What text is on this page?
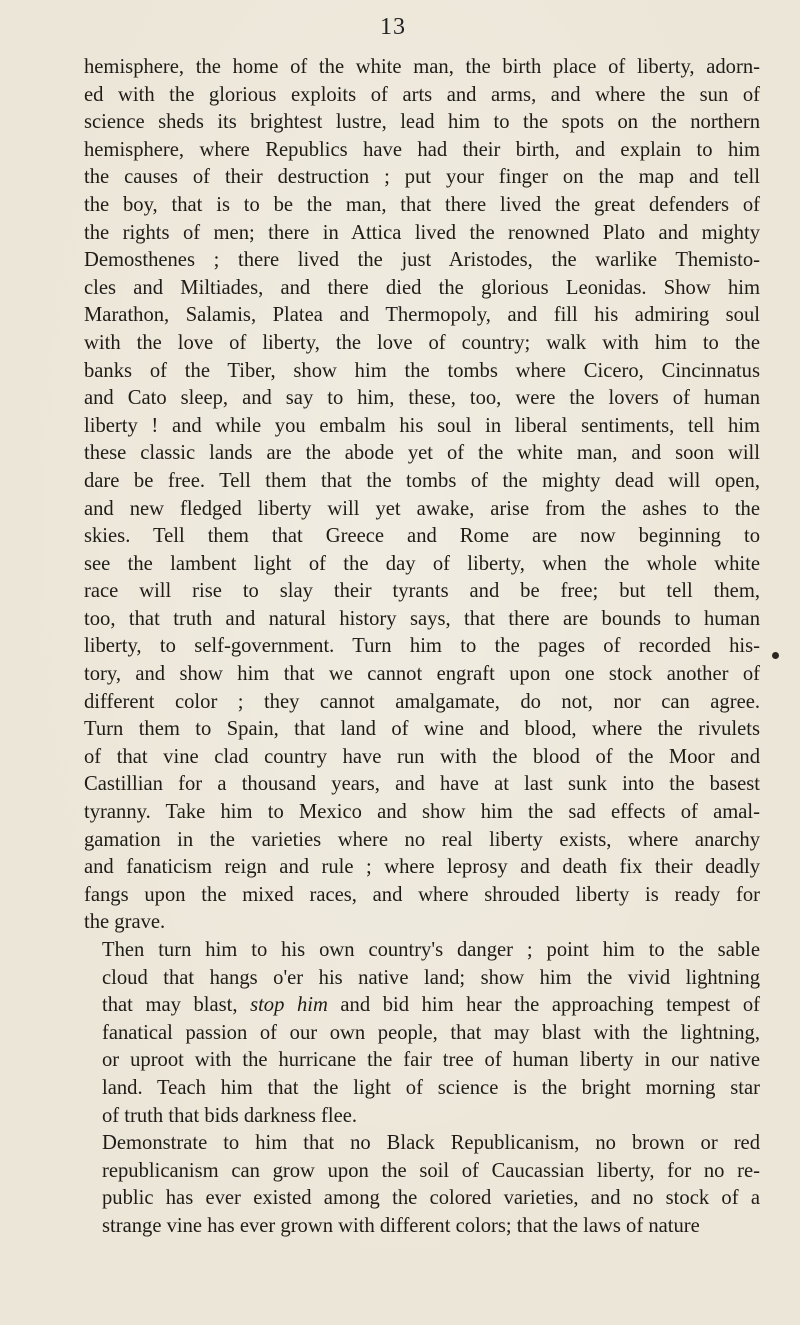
13

hemisphere, the home of the white man, the birth place of liberty, adorn-
ed with the glorious exploits of arts and arms, and where the sun of
science sheds its brightest lustre, lead him to the spots on the northern
hemisphere, where Republics have had their birth, and explain to him
the causes of their destruction ; put your finger on the map and tell
the boy, that is to be the man, that there lived the great defenders of
the rights of men; there in Attica lived the renowned Plato and mighty
Demosthenes ; there lived the just Aristodes, the warlike Themisto-
cles and Miltiades, and there died the glorious Leonidas. Show him
Marathon, Salamis, Platea and Thermopoly, and fill his admiring soul
with the love of liberty, the love of country; walk with him to the
banks of the Tiber, show him the tombs where Cicero, Cincinnatus
and Cato sleep, and say to him, these, too, were the lovers of human
liberty ! and while you embalm his soul in liberal sentiments, tell him
these classic lands are the abode yet of the white man, and soon will
dare be free. Tell them that the tombs of the mighty dead will open,
and new fledged liberty will yet awake, arise from the ashes to the
skies. Tell them that Greece and Rome are now beginning to
see the lambent light of the day of liberty, when the whole white
race will rise to slay their tyrants and be free; but tell them,
too, that truth and natural history says, that there are bounds to human
liberty, to self-government. Turn him to the pages of recorded his-
tory, and show him that we cannot engraft upon one stock another of
different color ; they cannot amalgamate, do not, nor can agree.
Turn them to Spain, that land of wine and blood, where the rivulets
of that vine clad country have run with the blood of the Moor and
Castillian for a thousand years, and have at last sunk into the basest
tyranny. Take him to Mexico and show him the sad effects of amal-
gamation in the varieties where no real liberty exists, where anarchy
and fanaticism reign and rule ; where leprosy and death fix their deadly
fangs upon the mixed races, and where shrouded liberty is ready for
the grave.

Then turn him to his own country's danger ; point him to the sable
cloud that hangs o'er his native land; show him the vivid lightning
that may blast, stop him and bid him hear the approaching tempest of
fanatical passion of our own people, that may blast with the lightning,
or uproot with the hurricane the fair tree of human liberty in our native
land. Teach him that the light of science is the bright morning star
of truth that bids darkness flee.

Demonstrate to him that no Black Republicanism, no brown or red
republicanism can grow upon the soil of Caucassian liberty, for no re-
public has ever existed among the colored varieties, and no stock of a
strange vine has ever grown with different colors; that the laws of nature
